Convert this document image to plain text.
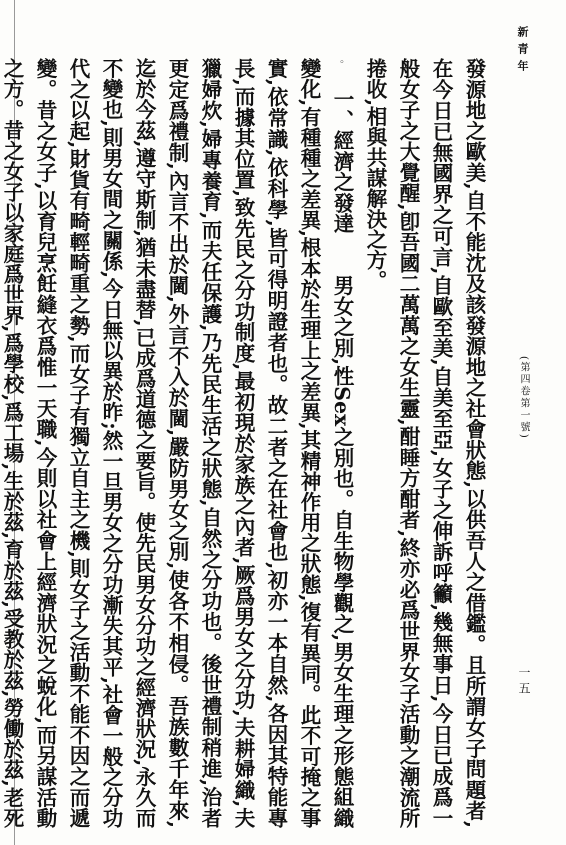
新青年
(第四卷第一號)
一五

發源地之歐美,自不能沈及該發源地之社會狀態,以供吾人之借鑑。且所謂女子問題者,在今日已無國界之可言,自歐至美,自美至亞,女子之伸訴呼籲,幾無事日,今日已成爲一般女子之大覺醒,卽吾國二萬萬之女生靈,酣睡方酣者,終亦必爲世界女子活動之潮流所捲收,相與共謀解決之方。

◦一、經濟之發達男女之別,性Sex之別也。自生物學觀之,男女生理之形態組織變化,有種種之差異,根本於生理上之差異,其精神作用之狀態,復有異同。此不可掩之事實,依常識,依科學,皆可得明證者也。故二者之在社會也,初亦一本自然,各因其特能專長,而據其位置,致先民之分功制度,最初現於家族之內者,厥爲男女之分功,夫耕婦織,夫獵婦炊,婦專養育,而夫任保護,乃先民生活之狀態,自然之分功也。後世禮制稍進,治者更定爲禮制,內言不出於閫,外言不入於閫,嚴防男女之別,使各不相侵。吾族數千年來,迄於今茲,遵守斯制,猶未盡替,已成爲道德之要旨。使先民男女分功之經濟狀況,永久而不變也,則男女間之關係,今日無以異於昨;然一旦男女之分功漸失其平,社會一般之分功代之以起,財貨有畸輕畸重之勢,而女子有獨立自主之機,則女子之活動不能不因之而遞變。昔之女子,以育兒烹飪縫衣爲惟一天職,今則以社會上經濟狀況之蛻化,而另謀活動之方。昔之女子以家庭爲世界,爲學校,爲工場,生於茲,育於茲,受教於茲,勞働於茲,老死
